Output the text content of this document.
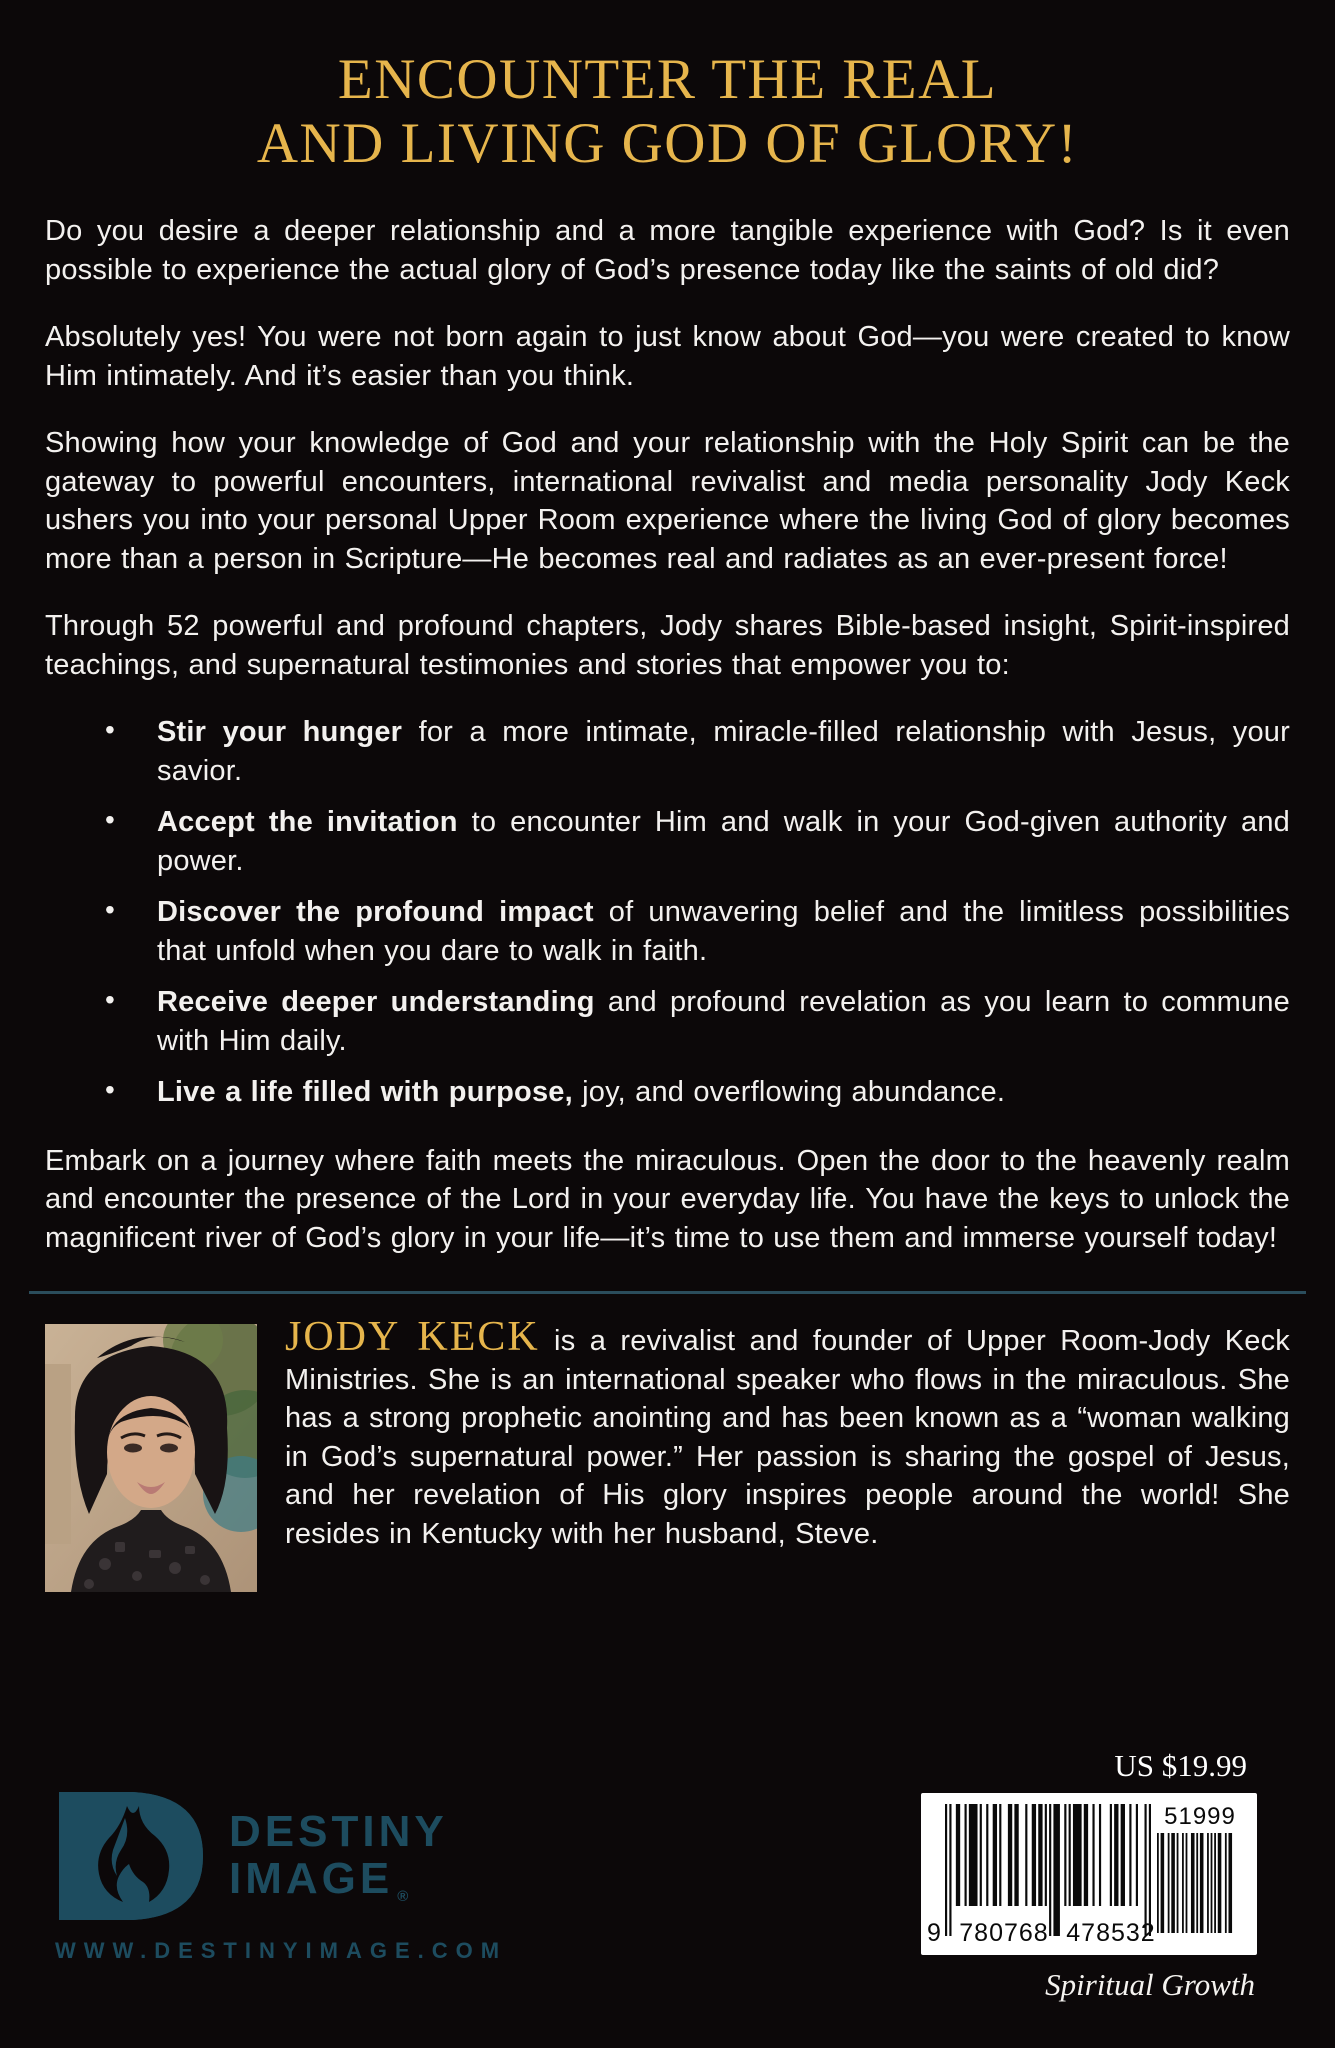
ENCOUNTER THE REAL
AND LIVING GOD OF GLORY!

Do you desire a deeper relationship and a more tangible experience with God? Is it even possible to experience the actual glory of God’s presence today like the saints of old did?

Absolutely yes! You were not born again to just know about God—you were created to know Him intimately. And it’s easier than you think.

Showing how your knowledge of God and your relationship with the Holy Spirit can be the gateway to powerful encounters, international revivalist and media personality Jody Keck ushers you into your personal Upper Room experience where the living God of glory becomes more than a person in Scripture—He becomes real and radiates as an ever-present force!

Through 52 powerful and profound chapters, Jody shares Bible-based insight, Spirit-inspired teachings, and supernatural testimonies and stories that empower you to:

• Stir your hunger for a more intimate, miracle-filled relationship with Jesus, your savior.
• Accept the invitation to encounter Him and walk in your God-given authority and power.
• Discover the profound impact of unwavering belief and the limitless possibilities that unfold when you dare to walk in faith.
• Receive deeper understanding and profound revelation as you learn to commune with Him daily.
• Live a life filled with purpose, joy, and overflowing abundance.

Embark on a journey where faith meets the miraculous. Open the door to the heavenly realm and encounter the presence of the Lord in your everyday life. You have the keys to unlock the magnificent river of God’s glory in your life—it’s time to use them and immerse yourself today!

JODY KECK is a revivalist and founder of Upper Room-Jody Keck Ministries. She is an international speaker who flows in the miraculous. She has a strong prophetic anointing and has been known as a “woman walking in God’s supernatural power.” Her passion is sharing the gospel of Jesus, and her revelation of His glory inspires people around the world! She resides in Kentucky with her husband, Steve.
DESTINY
IMAGE ®
WWW.DESTINYIMAGE.COM
US $19.99
9 780768 478532
51999
Spiritual Growth
